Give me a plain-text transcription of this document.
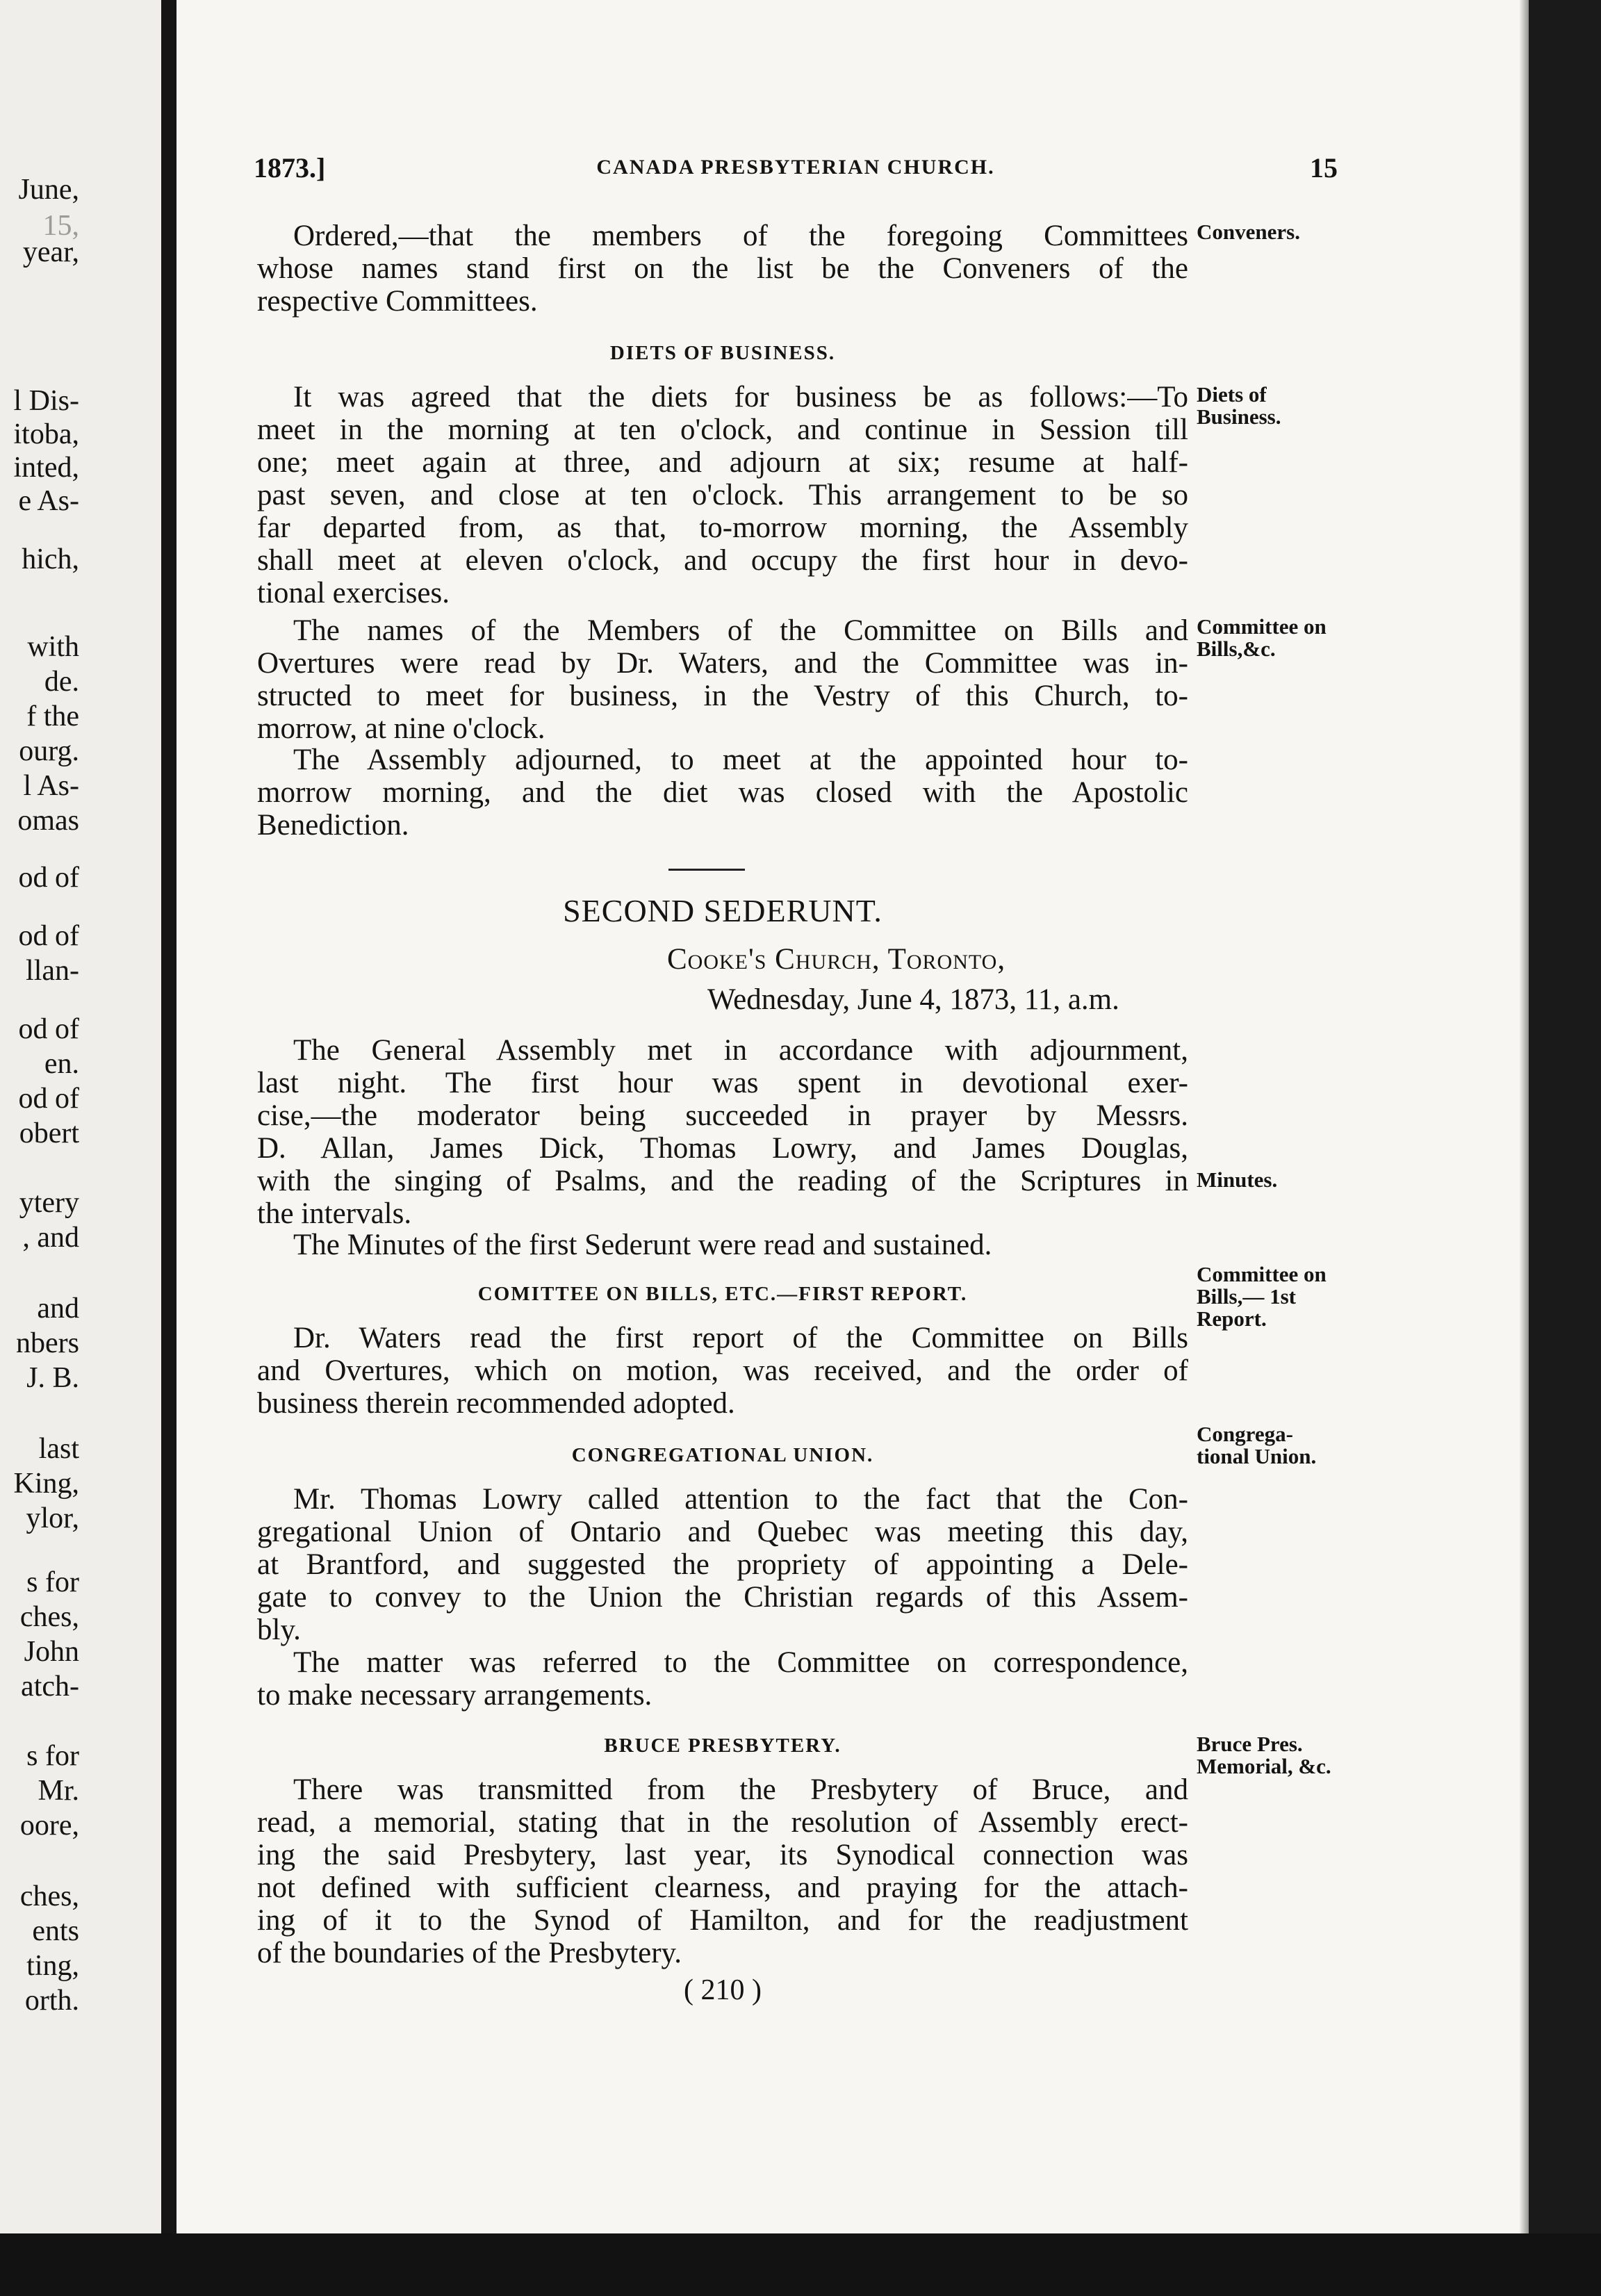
June,
15,
year,
l Dis-
itoba,
inted,
e As-
hich,
with
de.
f the
ourg.
l As-
omas
od of
od of
llan-
od of
en.
od of
obert
ytery
, and
and
nbers
J. B.
last
King,
ylor,
s for
ches,
John
atch-
s for
Mr.
oore,
ches,
ents
ting,
orth.
1873.]	CANADA PRESBYTERIAN CHURCH.	15
Ordered,—that the members of the foregoing Committees
whose names stand first on the list be the Conveners of the
respective Committees.
Conveners.
DIETS OF BUSINESS.
It was agreed that the diets for business be as follows:—To
meet in the morning at ten o'clock, and continue in Session till
one; meet again at three, and adjourn at six; resume at half-
past seven, and close at ten o'clock. This arrangement to be so
far departed from, as that, to-morrow morning, the Assembly
shall meet at eleven o'clock, and occupy the first hour in devo-
tional exercises.
Diets of Business.
The names of the Members of the Committee on Bills and
Overtures were read by Dr. Waters, and the Committee was in-
structed to meet for business, in the Vestry of this Church, to-
morrow, at nine o'clock.
Committee on Bills,&c.
The Assembly adjourned, to meet at the appointed hour to-
morrow morning, and the diet was closed with the Apostolic
Benediction.
SECOND SEDERUNT.
Cooke's Church, Toronto,
Wednesday, June 4, 1873, 11, a.m.
The General Assembly met in accordance with adjournment,
last night. The first hour was spent in devotional exer-
cise,—the moderator being succeeded in prayer by Messrs.
D. Allan, James Dick, Thomas Lowry, and James Douglas,
with the singing of Psalms, and the reading of the Scriptures in
the intervals.
Minutes.
The Minutes of the first Sederunt were read and sustained.
COMITTEE ON BILLS, ETC.—FIRST REPORT.
Dr. Waters read the first report of the Committee on Bills
and Overtures, which on motion, was received, and the order of
business therein recommended adopted.
Committee on Bills,— 1st Report.
CONGREGATIONAL UNION.
Mr. Thomas Lowry called attention to the fact that the Con-
gregational Union of Ontario and Quebec was meeting this day,
at Brantford, and suggested the propriety of appointing a Dele-
gate to convey to the Union the Christian regards of this Assem-
bly.
The matter was referred to the Committee on correspondence,
to make necessary arrangements.
Congrega- tional Union.
BRUCE PRESBYTERY.
There was transmitted from the Presbytery of Bruce, and
read, a memorial, stating that in the resolution of Assembly erect-
ing the said Presbytery, last year, its Synodical connection was
not defined with sufficient clearness, and praying for the attach-
ing of it to the Synod of Hamilton, and for the readjustment
of the boundaries of the Presbytery.
Bruce Pres. Memorial, &c.
( 210 )
